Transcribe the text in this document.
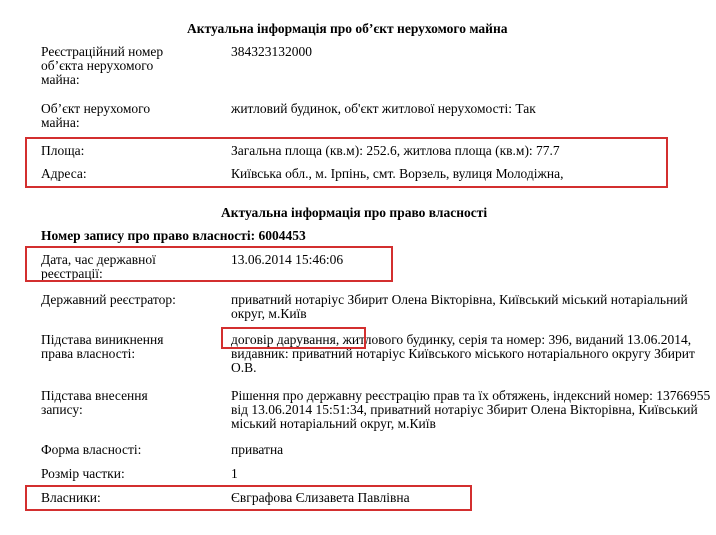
Актуальна інформація про об’єкт нерухомого майна
Реєстраційний номер об’єкта нерухомого майна:
384323132000
Об’єкт нерухомого майна:
житловий будинок, об'єкт житлової нерухомості: Так
Площа:	Загальна площа (кв.м): 252.6, житлова площа (кв.м): 77.7
Адреса:	Київська обл., м. Ірпінь, смт. Ворзель, вулиця Молодіжна,
Актуальна інформація про право власності
Номер запису про право власності: 6004453
Дата, час державної реєстрації:
13.06.2014 15:46:06
Державний реєстратор:	приватний нотаріус Збирит Олена Вікторівна, Київський міський нотаріальний округ, м.Київ
Підстава виникнення права власності:
договір дарування, житлового будинку, серія та номер: 396, виданий 13.06.2014, видавник: приватний нотаріус Київського міського нотаріального округу Збирит О.В.
Підстава внесення запису:
Рішення про державну реєстрацію прав та їх обтяжень, індексний номер: 13766955 від 13.06.2014 15:51:34, приватний нотаріус Збирит Олена Вікторівна, Київський міський нотаріальний округ, м.Київ
Форма власності:	приватна
Розмір частки:	1
Власники:	Євграфова Єлизавета Павлівна
